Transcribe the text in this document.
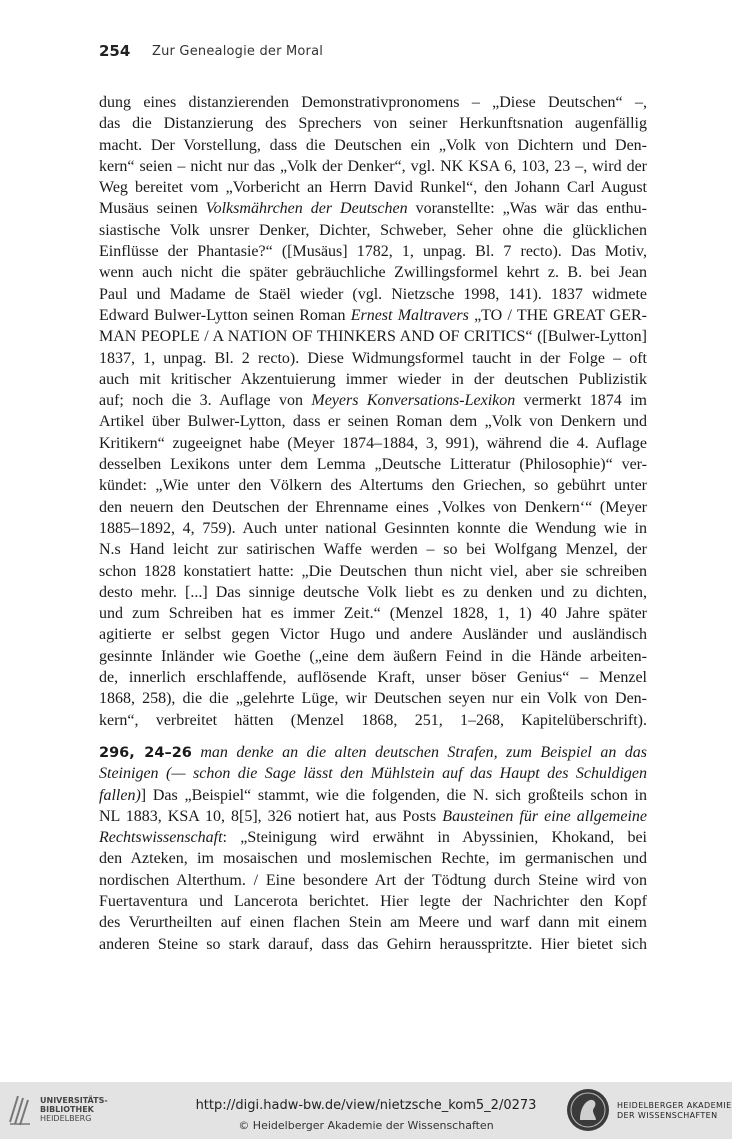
254 Zur Genealogie der Moral
dung eines distanzierenden Demonstrativpronomens – „Diese Deutschen“ –,
das die Distanzierung des Sprechers von seiner Herkunftsnation augenfällig
macht. Der Vorstellung, dass die Deutschen ein „Volk von Dichtern und Den-
kern“ seien – nicht nur das „Volk der Denker“, vgl. NK KSA 6, 103, 23 –, wird der
Weg bereitet vom „Vorbericht an Herrn David Runkel“, den Johann Carl August
Musäus seinen Volksmährchen der Deutschen voranstellte: „Was wär das enthu-
siastische Volk unsrer Denker, Dichter, Schweber, Seher ohne die glücklichen
Einflüsse der Phantasie?“ ([Musäus] 1782, 1, unpag. Bl. 7 recto). Das Motiv,
wenn auch nicht die später gebräuchliche Zwillingsformel kehrt z. B. bei Jean
Paul und Madame de Staël wieder (vgl. Nietzsche 1998, 141). 1837 widmete
Edward Bulwer-Lytton seinen Roman Ernest Maltravers „TO / THE GREAT GER-
MAN PEOPLE / A NATION OF THINKERS AND OF CRITICS“ ([Bulwer-Lytton]
1837, 1, unpag. Bl. 2 recto). Diese Widmungsformel taucht in der Folge – oft
auch mit kritischer Akzentuierung immer wieder in der deutschen Publizistik
auf; noch die 3. Auflage von Meyers Konversations-Lexikon vermerkt 1874 im
Artikel über Bulwer-Lytton, dass er seinen Roman dem „Volk von Denkern und
Kritikern“ zugeeignet habe (Meyer 1874–1884, 3, 991), während die 4. Auflage
desselben Lexikons unter dem Lemma „Deutsche Litteratur (Philosophie)“ ver-
kündet: „Wie unter den Völkern des Altertums den Griechen, so gebührt unter
den neuern den Deutschen der Ehrenname eines ‚Volkes von Denkern‘“ (Meyer
1885–1892, 4, 759). Auch unter national Gesinnten konnte die Wendung wie in
N.s Hand leicht zur satirischen Waffe werden – so bei Wolfgang Menzel, der
schon 1828 konstatiert hatte: „Die Deutschen thun nicht viel, aber sie schreiben
desto mehr. [...] Das sinnige deutsche Volk liebt es zu denken und zu dichten,
und zum Schreiben hat es immer Zeit.“ (Menzel 1828, 1, 1) 40 Jahre später
agitierte er selbst gegen Victor Hugo und andere Ausländer und ausländisch
gesinnte Inländer wie Goethe („eine dem äußern Feind in die Hände arbeiten-
de, innerlich erschlaffende, auflösende Kraft, unser böser Genius“ – Menzel
1868, 258), die die „gelehrte Lüge, wir Deutschen seyen nur ein Volk von Den-
kern“, verbreitet hätten (Menzel 1868, 251, 1–268, Kapitelüberschrift).
296, 24–26 man denke an die alten deutschen Strafen, zum Beispiel an das
Steinigen (— schon die Sage lässt den Mühlstein auf das Haupt des Schuldigen
fallen)] Das „Beispiel“ stammt, wie die folgenden, die N. sich großteils schon in
NL 1883, KSA 10, 8[5], 326 notiert hat, aus Posts Bausteinen für eine allgemeine
Rechtswissenschaft: „Steinigung wird erwähnt in Abyssinien, Khokand, bei
den Azteken, im mosaischen und moslemischen Rechte, im germanischen und
nordischen Alterthum. / Eine besondere Art der Tödtung durch Steine wird von
Fuertaventura und Lancerota berichtet. Hier legte der Nachrichter den Kopf
des Verurtheilten auf einen flachen Stein am Meere und warf dann mit einem
anderen Steine so stark darauf, dass das Gehirn herausspritzte. Hier bietet sich
UNIVERSITÄTS-
BIBLIOTHEK
HEIDELBERG
http://digi.hadw-bw.de/view/nietzsche_kom5_2/0273
© Heidelberger Akademie der Wissenschaften
HEIDELBERGER AKADEMIE
DER WISSENSCHAFTEN
